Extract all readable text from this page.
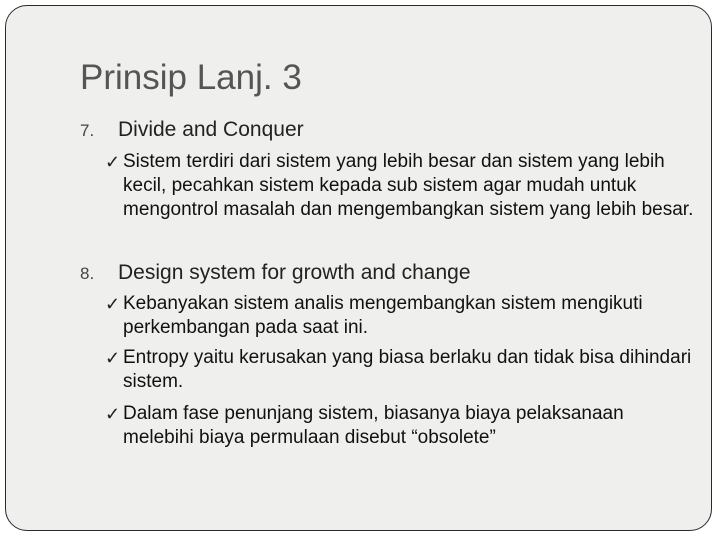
Prinsip Lanj. 3
7. Divide and Conquer
✓ Sistem terdiri dari sistem yang lebih besar dan sistem yang lebih kecil, pecahkan sistem kepada sub sistem agar mudah untuk mengontrol masalah dan mengembangkan sistem yang lebih besar.
8. Design system for growth and change
✓ Kebanyakan sistem analis mengembangkan sistem mengikuti perkembangan pada saat ini.
✓ Entropy yaitu kerusakan yang biasa berlaku dan tidak bisa dihindari sistem.
✓ Dalam fase penunjang sistem, biasanya biaya pelaksanaan melebihi biaya permulaan disebut “obsolete”
